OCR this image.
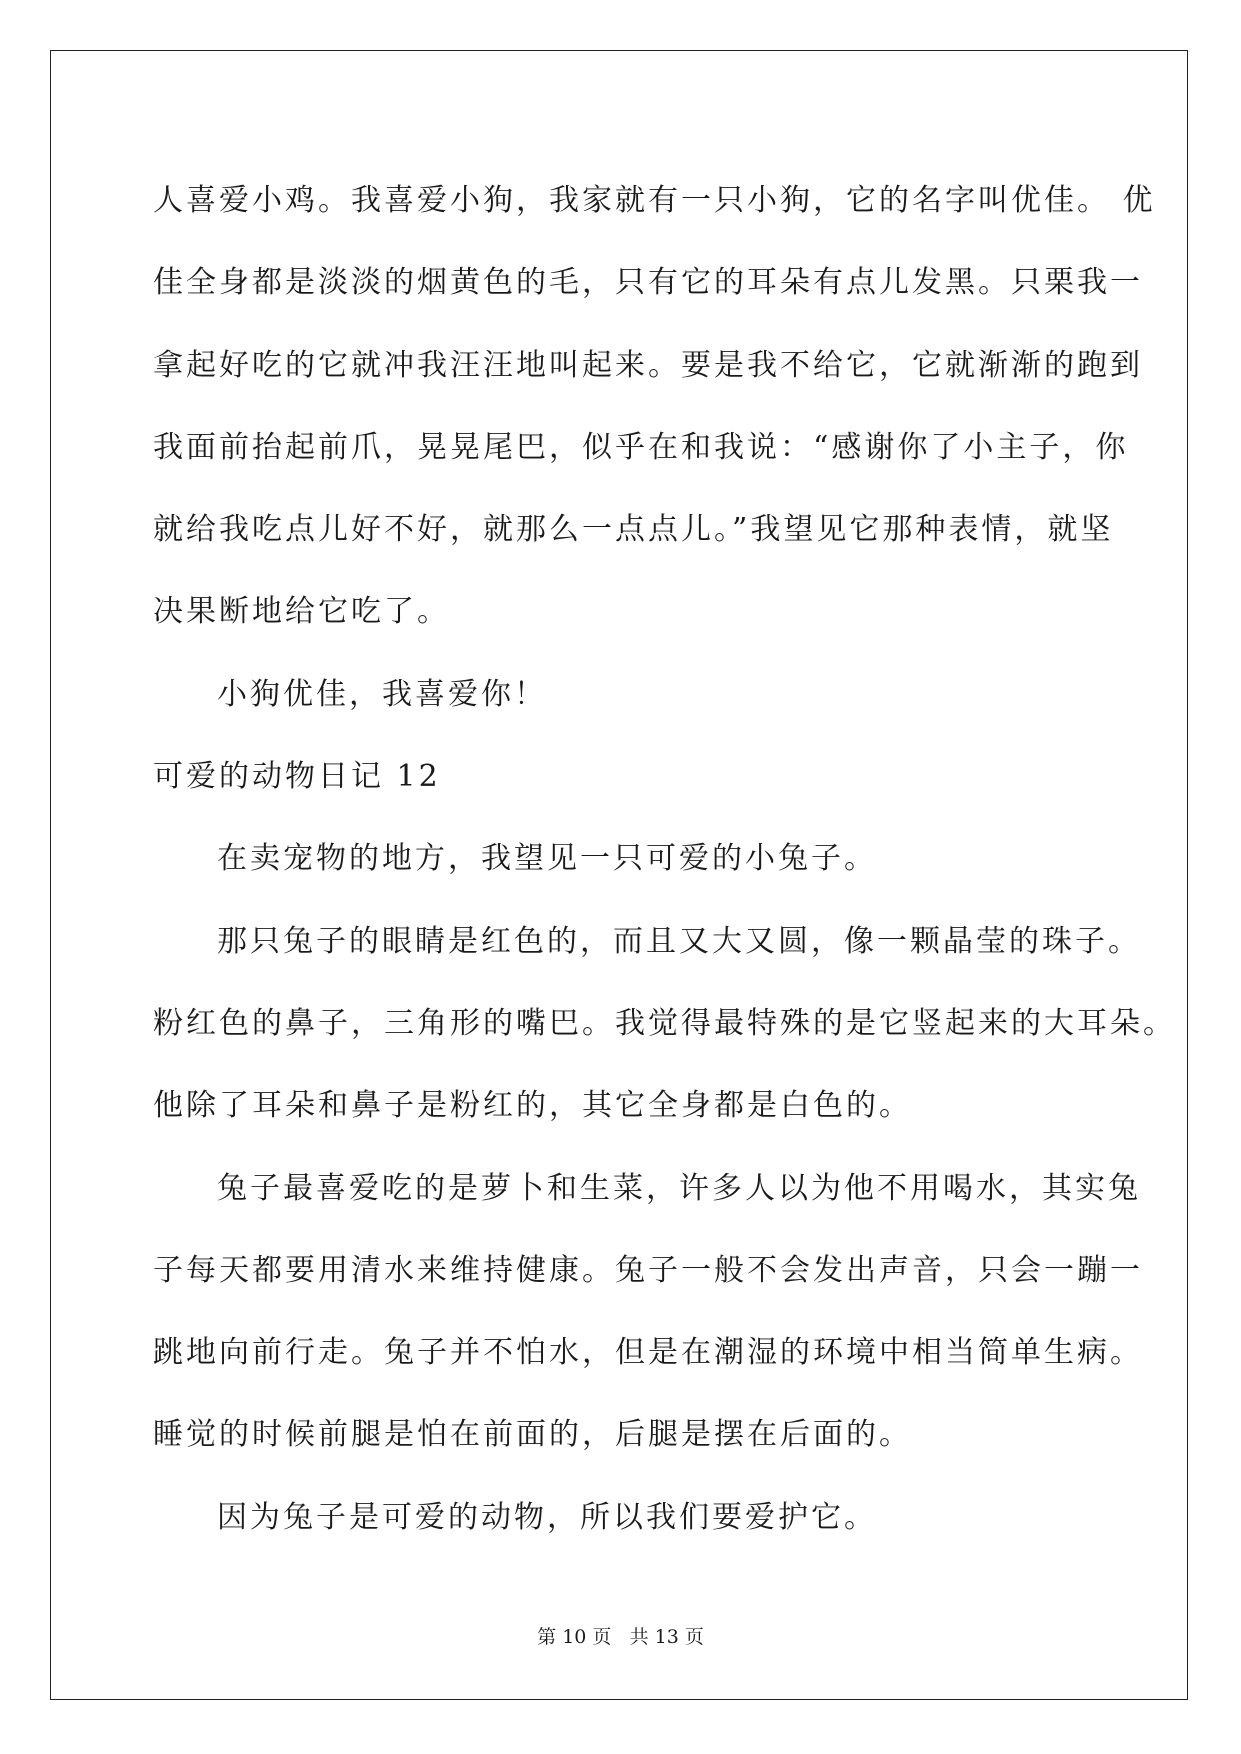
人喜爱小鸡。我喜爱小狗，我家就有一只小狗，它的名字叫优佳。 优
佳全身都是淡淡的烟黄色的毛，只有它的耳朵有点儿发黑。只栗我一
拿起好吃的它就冲我汪汪地叫起来。要是我不给它，它就渐渐的跑到
我面前抬起前爪，晃晃尾巴，似乎在和我说：“感谢你了小主子，你
就给我吃点儿好不好，就那么一点点儿。”我望见它那种表情，就坚
决果断地给它吃了。

小狗优佳，我喜爱你！

可爱的动物日记 12

在卖宠物的地方，我望见一只可爱的小兔子。

那只兔子的眼睛是红色的，而且又大又圆，像一颗晶莹的珠子。
粉红色的鼻子，三角形的嘴巴。我觉得最特殊的是它竖起来的大耳朵。
他除了耳朵和鼻子是粉红的，其它全身都是白色的。

兔子最喜爱吃的是萝卜和生菜，许多人以为他不用喝水，其实兔
子每天都要用清水来维持健康。兔子一般不会发出声音，只会一蹦一
跳地向前行走。兔子并不怕水，但是在潮湿的环境中相当简单生病。
睡觉的时候前腿是怕在前面的，后腿是摆在后面的。

因为兔子是可爱的动物，所以我们要爱护它。

第 10 页 共 13 页
